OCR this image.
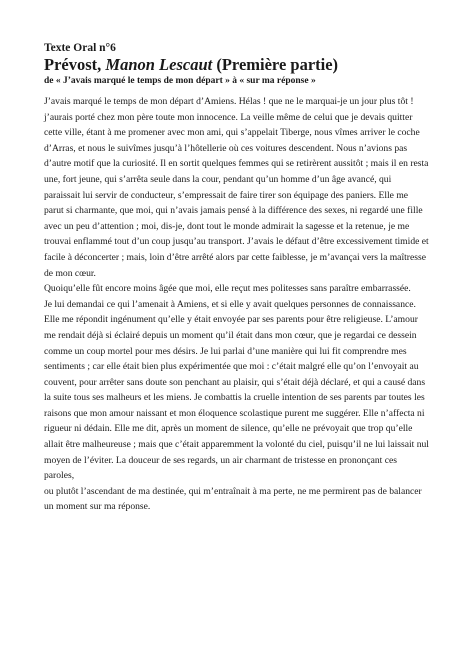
Texte Oral n°6
Prévost, Manon Lescaut (Première partie)
de « J’avais marqué le temps de mon départ » à « sur ma réponse »
J’avais marqué le temps de mon départ d’Amiens. Hélas ! que ne le marquai-je un jour plus tôt !
j’aurais porté chez mon père toute mon innocence. La veille même de celui que je devais quitter
cette ville, étant à me promener avec mon ami, qui s’appelait Tiberge, nous vîmes arriver le coche
d’Arras, et nous le suivîmes jusqu’à l’hôtellerie où ces voitures descendent. Nous n’avions pas
d’autre motif que la curiosité. Il en sortit quelques femmes qui se retirèrent aussitôt ; mais il en resta
une, fort jeune, qui s’arrêta seule dans la cour, pendant qu’un homme d’un âge avancé, qui
paraissait lui servir de conducteur, s’empressait de faire tirer son équipage des paniers. Elle me
parut si charmante, que moi, qui n’avais jamais pensé à la différence des sexes, ni regardé une fille
avec un peu d’attention ; moi, dis-je, dont tout le monde admirait la sagesse et la retenue, je me
trouvai enflammé tout d’un coup jusqu’au transport. J’avais le défaut d’être excessivement timide et
facile à déconcerter ; mais, loin d’être arrêté alors par cette faiblesse, je m’avançai vers la maîtresse
de mon cœur.
Quoiqu’elle fût encore moins âgée que moi, elle reçut mes politesses sans paraître embarrassée.
Je lui demandai ce qui l’amenait à Amiens, et si elle y avait quelques personnes de connaissance.
Elle me répondit ingénument qu’elle y était envoyée par ses parents pour être religieuse. L’amour
me rendait déjà si éclairé depuis un moment qu’il était dans mon cœur, que je regardai ce dessein
comme un coup mortel pour mes désirs. Je lui parlai d’une manière qui lui fit comprendre mes
sentiments ; car elle était bien plus expérimentée que moi : c’était malgré elle qu’on l’envoyait au
couvent, pour arrêter sans doute son penchant au plaisir, qui s’était déjà déclaré, et qui a causé dans
la suite tous ses malheurs et les miens. Je combattis la cruelle intention de ses parents par toutes les
raisons que mon amour naissant et mon éloquence scolastique purent me suggérer. Elle n’affecta ni
rigueur ni dédain. Elle me dit, après un moment de silence, qu’elle ne prévoyait que trop qu’elle
allait être malheureuse ; mais que c’était apparemment la volonté du ciel, puisqu’il ne lui laissait nul
moyen de l’éviter. La douceur de ses regards, un air charmant de tristesse en prononçant ces
paroles,
ou plutôt l’ascendant de ma destinée, qui m’entraînait à ma perte, ne me permirent pas de balancer
un moment sur ma réponse.
